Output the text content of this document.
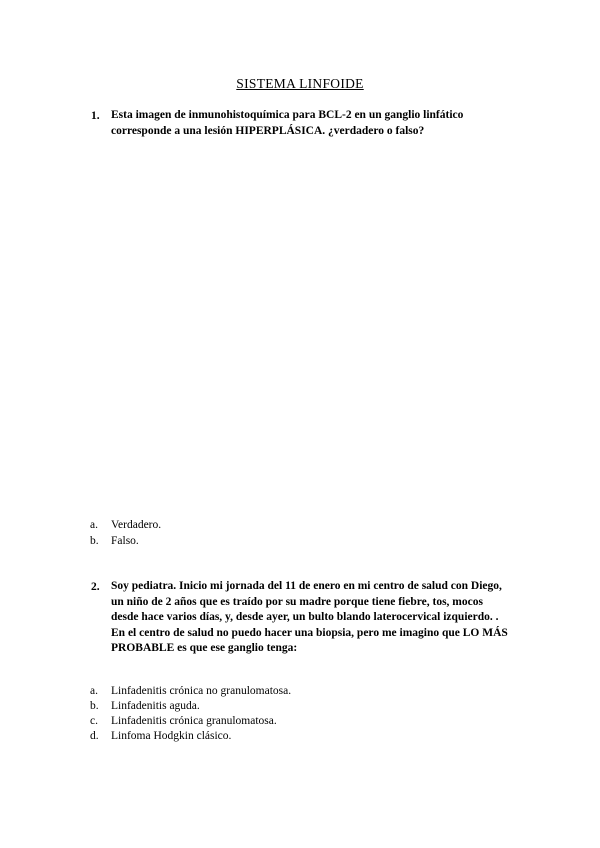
SISTEMA LINFOIDE
1. Esta imagen de inmunohistoquímica para BCL-2 en un ganglio linfático
corresponde a una lesión HIPERPLÁSICA. ¿verdadero o falso?
a. Verdadero.
b. Falso.
2. Soy pediatra. Inicio mi jornada del 11 de enero en mi centro de salud con Diego,
un niño de 2 años que es traído por su madre porque tiene fiebre, tos, mocos
desde hace varios días, y, desde ayer, un bulto blando laterocervical izquierdo. .
En el centro de salud no puedo hacer una biopsia, pero me imagino que LO MÁS
PROBABLE es que ese ganglio tenga:
a. Linfadenitis crónica no granulomatosa.
b. Linfadenitis aguda.
c. Linfadenitis crónica granulomatosa.
d. Linfoma Hodgkin clásico.
